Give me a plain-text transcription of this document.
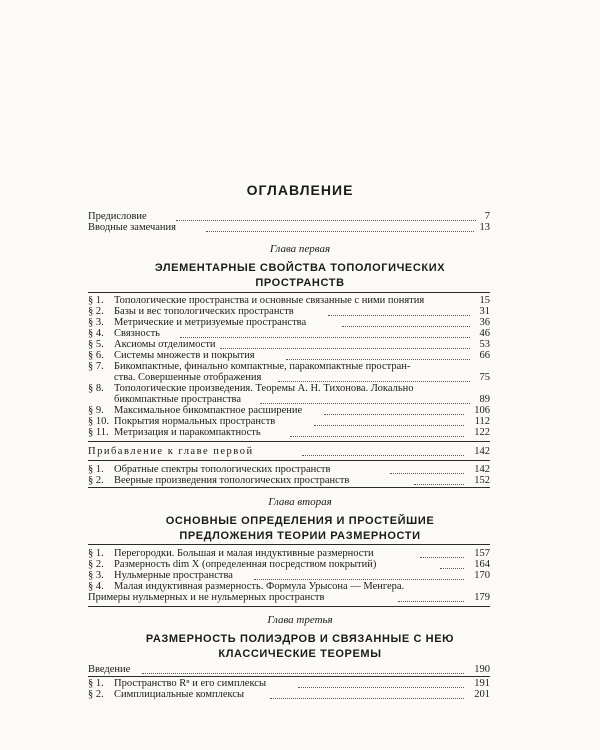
ОГЛАВЛЕНИЕ
Предисловие	7
Вводные замечания	13

Глава первая

ЭЛЕМЕНТАРНЫЕ СВОЙСТВА ТОПОЛОГИЧЕСКИХ
ПРОСТРАНСТВ
§ 1. Топологические пространства и основные связанные с ними понятия	15
§ 2. Базы и вес топологических пространств	31
§ 3. Метрические и метризуемые пространства	36
§ 4. Связность	46
§ 5. Аксиомы отделимости	53
§ 6. Системы множеств и покрытия	66
§ 7. Бикомпактные, финально компактные, паракомпактные простран-
ства. Совершенные отображения	75
§ 8. Топологические произведения. Теоремы А. Н. Тихонова. Локально
бикомпактные пространства	89
§ 9. Максимальное бикомпактное расширение	106
§ 10. Покрытия нормальных пространств	112
§ 11. Метризация и паракомпактность	122
Прибавление к главе первой	142
§ 1. Обратные спектры топологических пространств	142
§ 2. Веерные произведения топологических пространств	152

Глава вторая

ОСНОВНЫЕ ОПРЕДЕЛЕНИЯ И ПРОСТЕЙШИЕ
ПРЕДЛОЖЕНИЯ ТЕОРИИ РАЗМЕРНОСТИ
§ 1. Перегородки. Большая и малая индуктивные размерности	157
§ 2. Размерность dim X (определенная посредством покрытий)	164
§ 3. Нульмерные пространства	170
§ 4. Малая индуктивная размерность. Формула Урысона — Менгера.
Примеры нульмерных и не нульмерных пространств	179

Глава третья

РАЗМЕРНОСТЬ ПОЛИЭДРОВ И СВЯЗАННЫЕ С НЕЮ
КЛАССИЧЕСКИЕ ТЕОРЕМЫ
Введение	190
§ 1. Пространство Rⁿ и его симплексы	191
§ 2. Симплициальные комплексы	201
